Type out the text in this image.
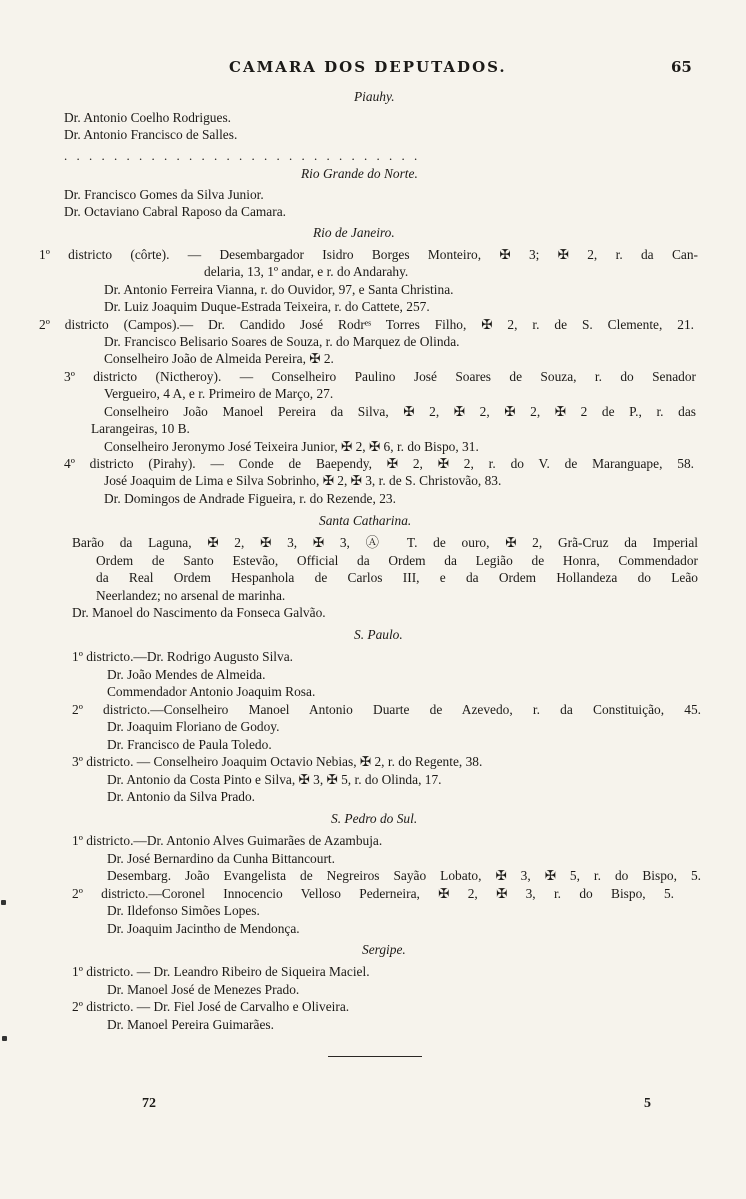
CAMARA DOS DEPUTADOS.	65
Piauhy.
Dr. Antonio Coelho Rodrigues.
Dr. Antonio Francisco de Salles.
. . . . . . . . . . . . . . . . . . . . . . . . . . . . .
Rio Grande do Norte.
Dr. Francisco Gomes da Silva Junior.
Dr. Octaviano Cabral Raposo da Camara.
Rio de Janeiro.
1º districto (côrte). — Desembargador Isidro Borges Monteiro, ✠ 3; ✠ 2, r. da Can-
delaria, 13, 1º andar, e r. do Andarahy.
Dr. Antonio Ferreira Vianna, r. do Ouvidor, 97, e Santa Christina.
Dr. Luiz Joaquim Duque-Estrada Teixeira, r. do Cattete, 257.
2º districto (Campos).— Dr. Candido José Rodrᵉˢ Torres Filho, ✠ 2, r. de S. Clemente, 21.
Dr. Francisco Belisario Soares de Souza, r. do Marquez de Olinda.
Conselheiro João de Almeida Pereira, ✠ 2.
3º districto (Nictheroy). — Conselheiro Paulino José Soares de Souza, r. do Senador
Vergueiro, 4 A, e r. Primeiro de Março, 27.
Conselheiro João Manoel Pereira da Silva, ✠ 2, ✠ 2, ✠ 2, ✠ 2 de P., r. das
Larangeiras, 10 B.
Conselheiro Jeronymo José Teixeira Junior, ✠ 2, ✠ 6, r. do Bispo, 31.
4º districto (Pirahy). — Conde de Baependy, ✠ 2, ✠ 2, r. do V. de Maranguape, 58.
José Joaquim de Lima e Silva Sobrinho, ✠ 2, ✠ 3, r. de S. Christovão, 83.
Dr. Domingos de Andrade Figueira, r. do Rezende, 23.
Santa Catharina.
Barão da Laguna, ✠ 2, ✠ 3, ✠ 3, Ⓐ T. de ouro, ✠ 2, Grã-Cruz da Imperial
Ordem de Santo Estevão, Official da Ordem da Legião de Honra, Commendador
da Real Ordem Hespanhola de Carlos III, e da Ordem Hollandeza do Leão
Neerlandez; no arsenal de marinha.
Dr. Manoel do Nascimento da Fonseca Galvão.
S. Paulo.
1º districto.—Dr. Rodrigo Augusto Silva.
Dr. João Mendes de Almeida.
Commendador Antonio Joaquim Rosa.
2º districto.—Conselheiro Manoel Antonio Duarte de Azevedo, r. da Constituição, 45.
Dr. Joaquim Floriano de Godoy.
Dr. Francisco de Paula Toledo.
3º districto. — Conselheiro Joaquim Octavio Nebias, ✠ 2, r. do Regente, 38.
Dr. Antonio da Costa Pinto e Silva, ✠ 3, ✠ 5, r. do Olinda, 17.
Dr. Antonio da Silva Prado.
S. Pedro do Sul.
1º districto.—Dr. Antonio Alves Guimarães de Azambuja.
Dr. José Bernardino da Cunha Bittancourt.
Desembarg. João Evangelista de Negreiros Sayão Lobato, ✠ 3, ✠ 5, r. do Bispo, 5.
2º districto.—Coronel Innocencio Velloso Pederneira, ✠ 2, ✠ 3, r. do Bispo, 5.
Dr. Ildefonso Simões Lopes.
Dr. Joaquim Jacintho de Mendonça.
Sergipe.
1º districto. — Dr. Leandro Ribeiro de Siqueira Maciel.
Dr. Manoel José de Menezes Prado.
2º districto. — Dr. Fiel José de Carvalho e Oliveira.
Dr. Manoel Pereira Guimarães.
72	5
